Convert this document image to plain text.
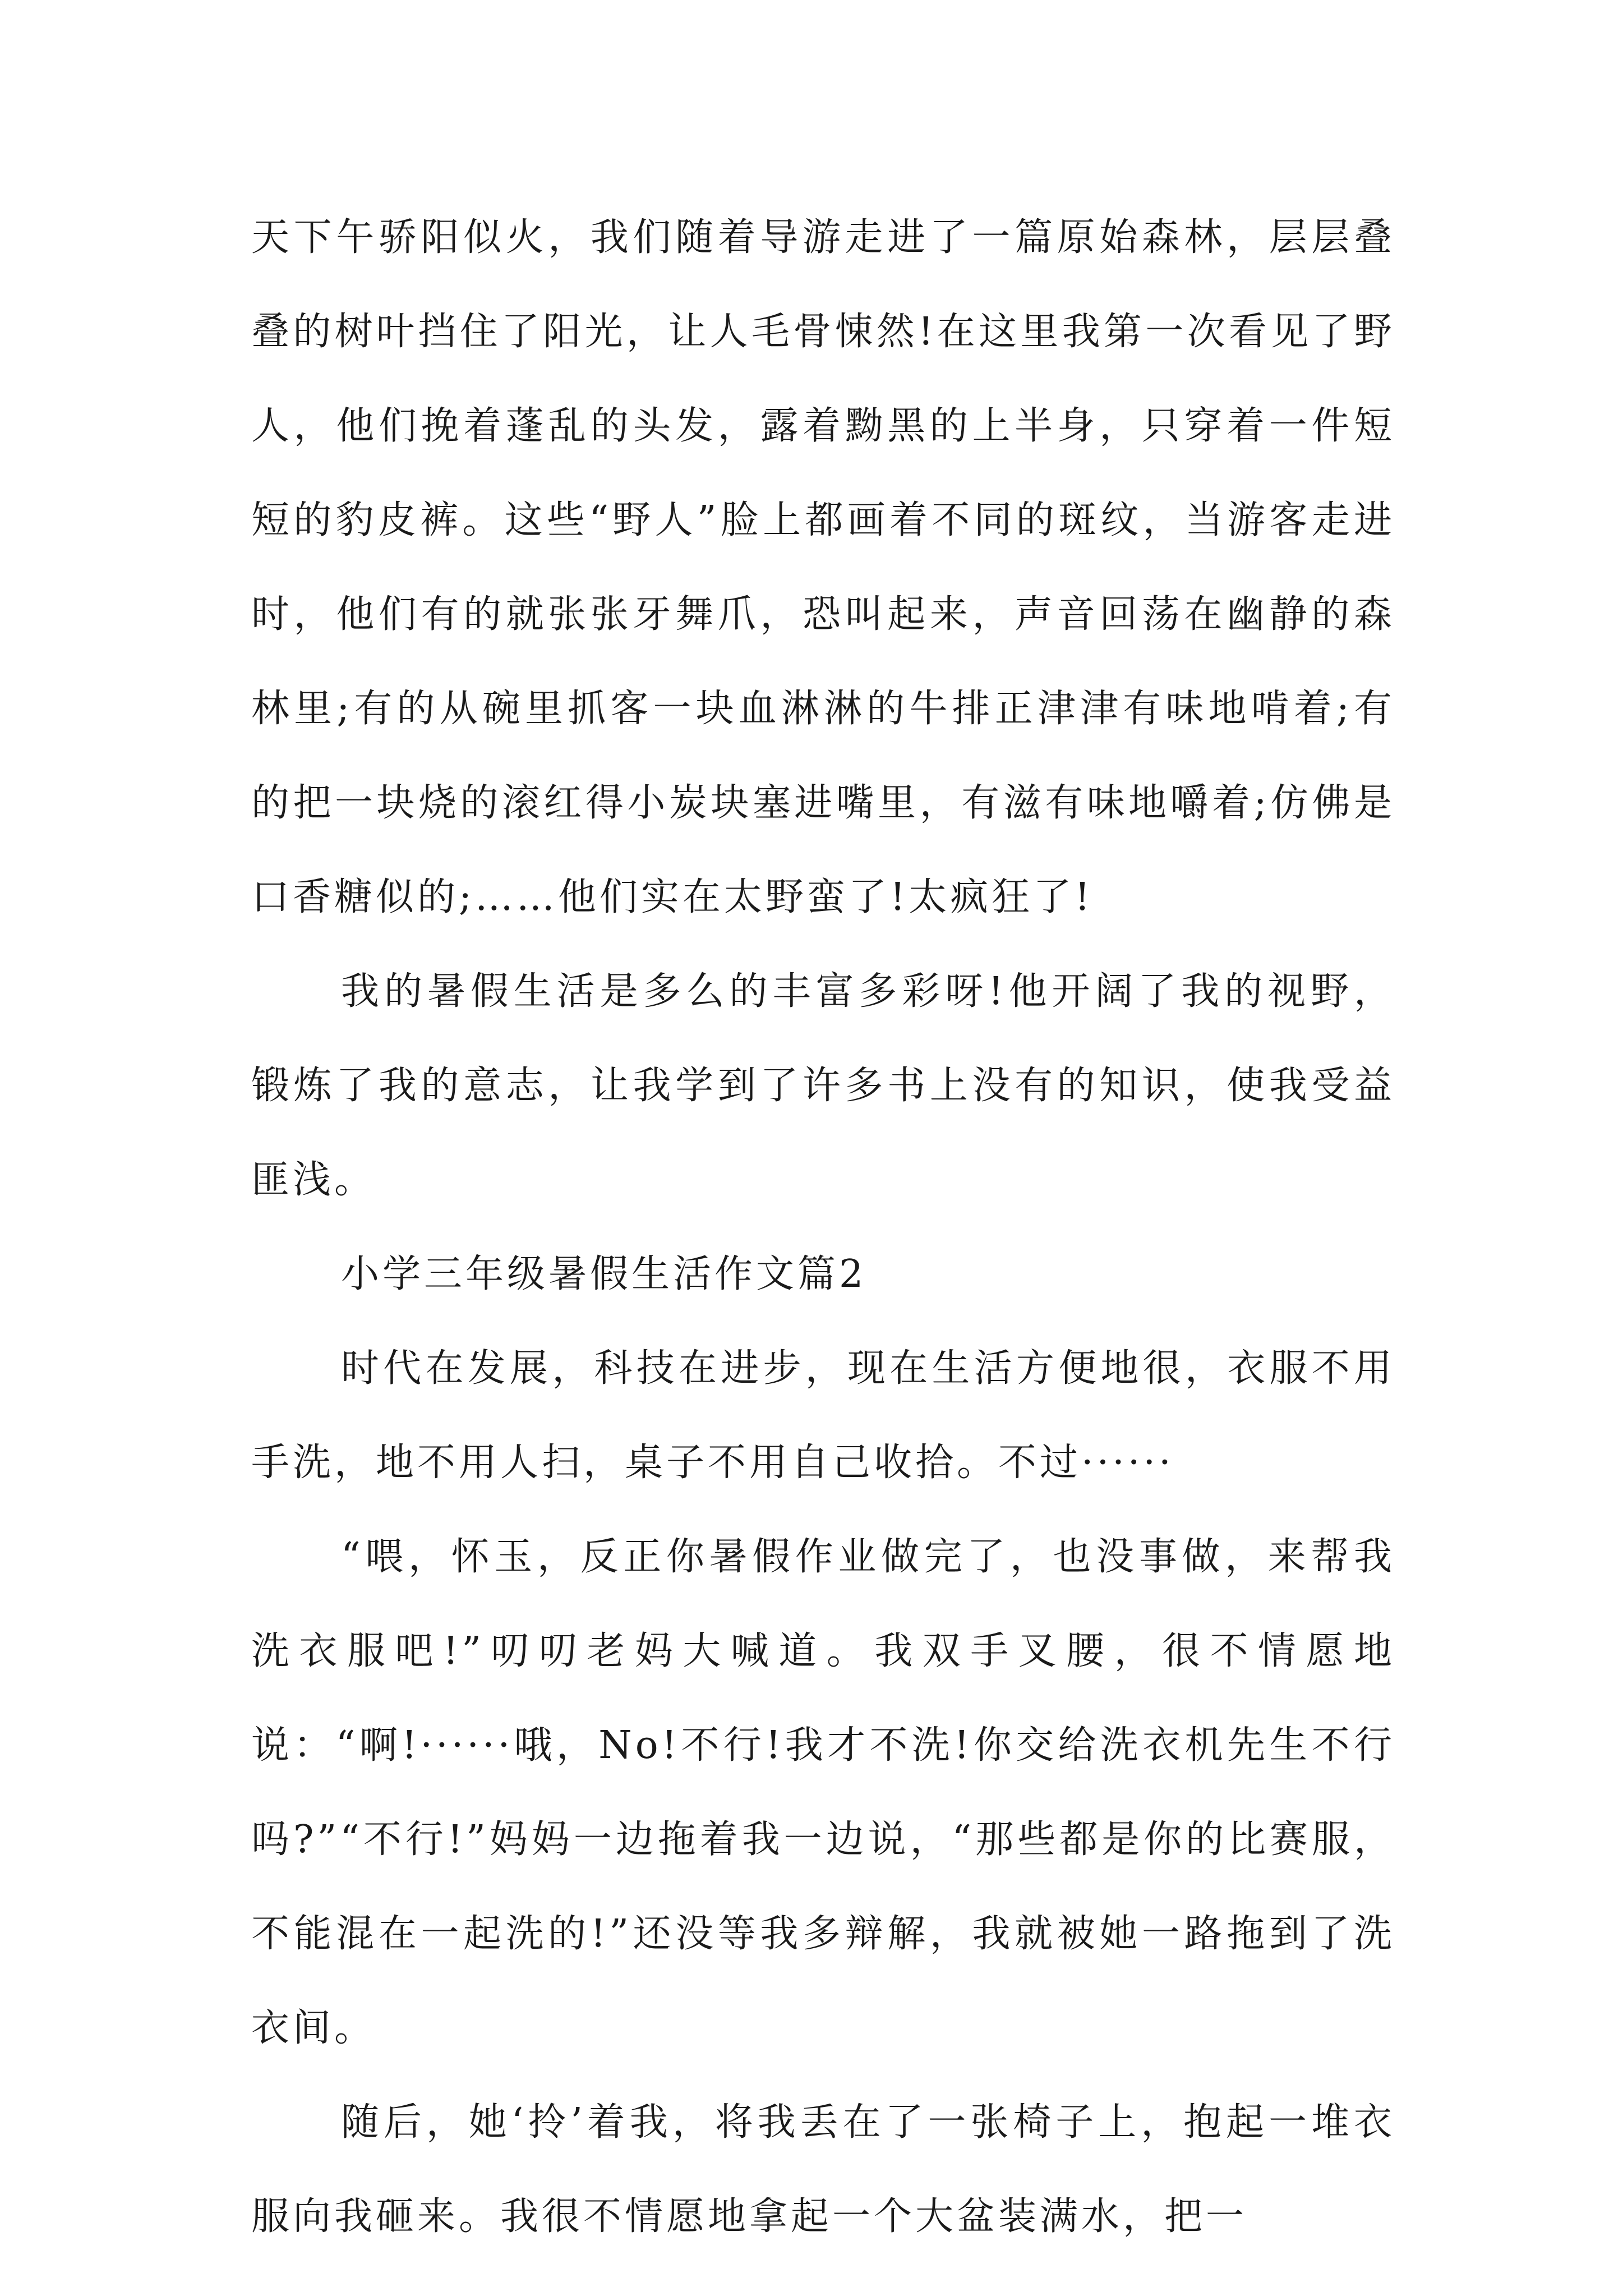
天下午骄阳似火，我们随着导游走进了一篇原始森林，层层叠叠的树叶挡住了阳光，让人毛骨悚然!在这里我第一次看见了野人，他们挽着蓬乱的头发，露着黝黑的上半身，只穿着一件短短的豹皮裤。这些“野人”脸上都画着不同的斑纹，当游客走进时，他们有的就张张牙舞爪，恐叫起来，声音回荡在幽静的森林里;有的从碗里抓客一块血淋淋的牛排正津津有味地啃着;有的把一块烧的滚红得小炭块塞进嘴里，有滋有味地嚼着;仿佛是口香糖似的;……他们实在太野蛮了!太疯狂了!

我的暑假生活是多么的丰富多彩呀!他开阔了我的视野，锻炼了我的意志，让我学到了许多书上没有的知识，使我受益匪浅。

小学三年级暑假生活作文篇2

时代在发展，科技在进步，现在生活方便地很，衣服不用手洗，地不用人扫，桌子不用自己收拾。不过······

“喂，怀玉，反正你暑假作业做完了，也没事做，来帮我洗衣服吧!”叨叨老妈大喊道。我双手叉腰，很不情愿地说：“啊!······哦，No!不行!我才不洗!你交给洗衣机先生不行吗?”“不行!”妈妈一边拖着我一边说，“那些都是你的比赛服，不能混在一起洗的!”还没等我多辩解，我就被她一路拖到了洗衣间。

随后，她‘拎’着我，将我丢在了一张椅子上，抱起一堆衣服向我砸来。我很不情愿地拿起一个大盆装满水，把一
